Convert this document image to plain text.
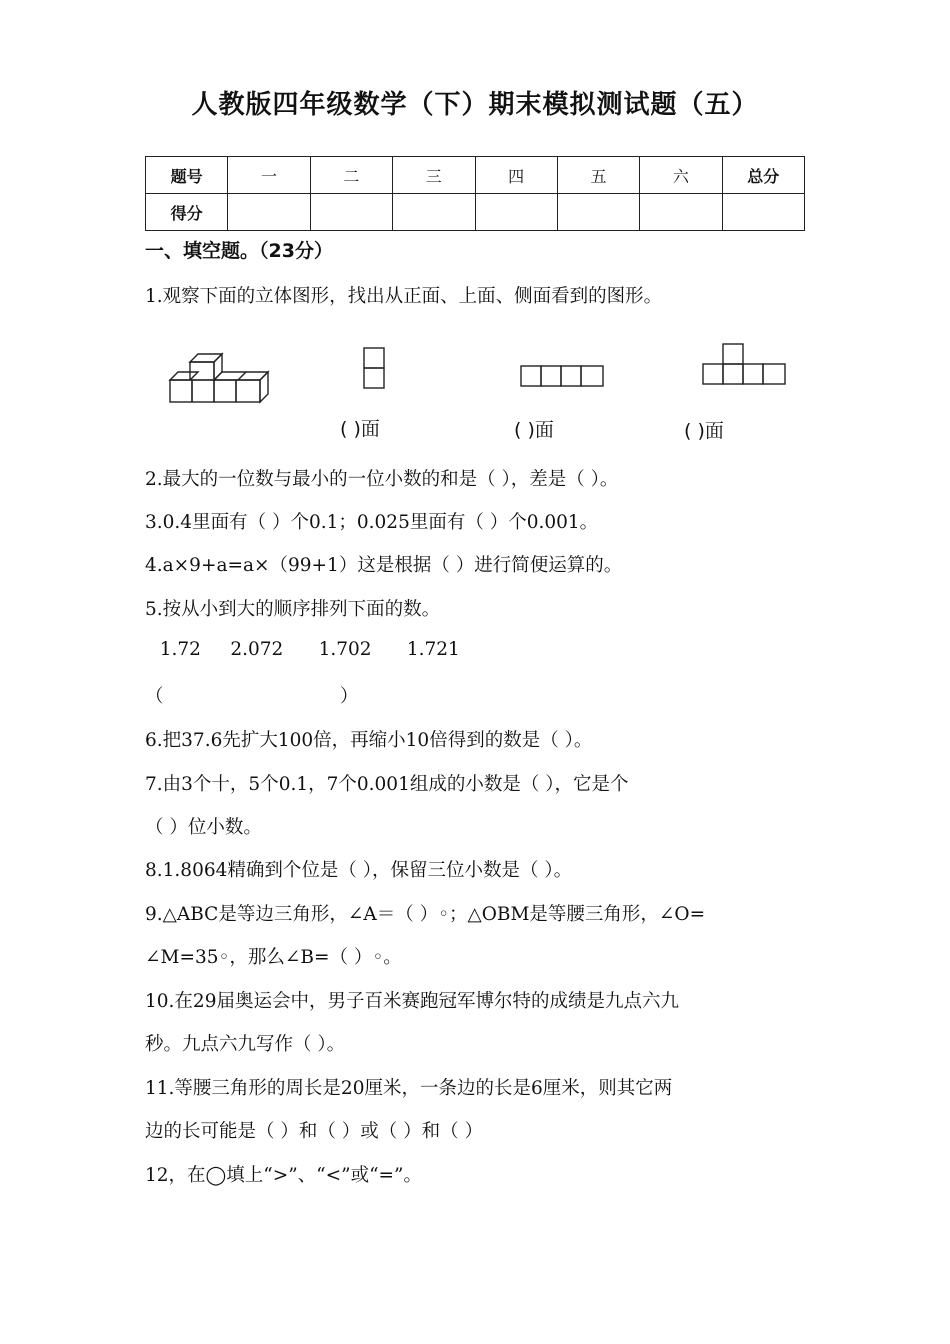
人教版四年级数学（下）期末模拟测试题（五）
题号	一	二	三	四	五	六	总分
得分							
一、填空题。（23分）
1.观察下面的立体图形，找出从正面、上面、侧面看到的图形。
( )面	( )面	( )面
2.最大的一位数与最小的一位小数的和是（ ），差是（ ）。
3.0.4里面有（ ）个0.1；0.025里面有（ ）个0.001。
4.a×9+a=a×（99+1）这是根据（ ）进行简便运算的。
5.按从小到大的顺序排列下面的数。
1.72     2.072      1.702      1.721
（                              ）
6.把37.6先扩大100倍，再缩小10倍得到的数是（ ）。
7.由3个十，5个0.1，7个0.001组成的小数是（ ），它是个
（ ）位小数。
8.1.8064精确到个位是（ ），保留三位小数是（ ）。
9.△ABC是等边三角形，∠A＝（ ）◦；△OBM是等腰三角形，∠O=
∠M=35◦，那么∠B=（ ）◦。
10.在29届奥运会中，男子百米赛跑冠军博尔特的成绩是九点六九
秒。九点六九写作（ ）。
11.等腰三角形的周长是20厘米，一条边的长是6厘米，则其它两
边的长可能是（ ）和（ ）或（ ）和（ ）
12，在◯填上“>”、“<”或“=”。
